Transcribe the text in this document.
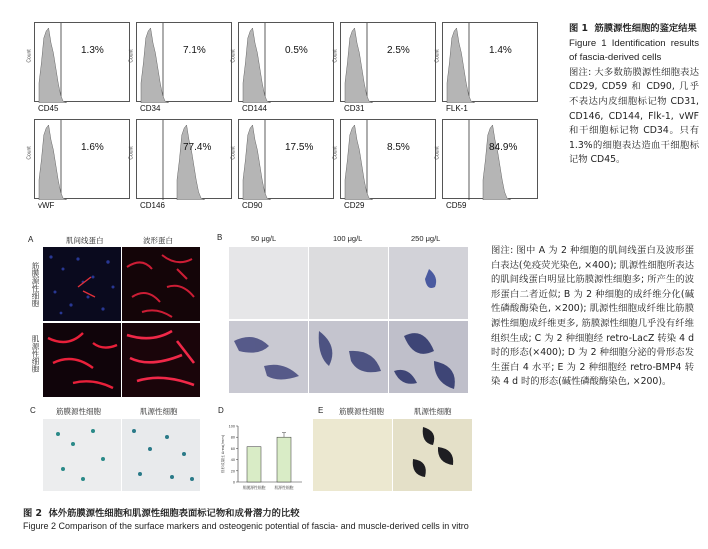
1.3%
Count
CD45
7.1%
Count
CD34
0.5%
Count
CD144
2.5%
Count
CD31
1.4%
Count
FLK-1
1.6%
Count
vWF
77.4%
Count
CD146
17.5%
Count
CD90
8.5%
Count
CD29
84.9%
Count
CD59
图 1 筋膜源性细胞的鉴定结果
Figure 1 Identification results of fascia-derived cells
图注: 大多数筋膜源性细胞表达 CD29, CD59 和 CD90, 几乎不表达内皮细胞标记物 CD31, CD146, CD144, Flk-1, vWF 和干细胞标记物 CD34。只有 1.3%的细胞表达造血干细胞标记物 CD45。
A	肌间线蛋白	波形蛋白
筋膜源性细胞
肌源性细胞
B	50 μg/L	100 μg/L	250 μg/L
图注: 图中 A 为 2 种细胞的肌间线蛋白及波形蛋白表达(免疫荧光染色, ×400); 肌源性细胞所表达的肌间线蛋白明显比筋膜源性细胞多; 所产生的波形蛋白二者近似; B 为 2 种细胞的成纤维分化(碱性磷酸酶染色, ×200); 肌源性细胞成纤维比筋膜源性细胞成纤维更多, 筋膜源性细胞几乎没有纤维组织生成; C 为 2 种细胞经 retro-LacZ 转染 4 d 时的形态(×400); D 为 2 种细胞分泌的骨形态发生蛋白 4 水平; E 为 2 种细胞经 retro-BMP4 转染 4 d 时的形态(碱性磷酸酶染色, ×200)。
C	筋膜源性细胞	肌源性细胞	D
0
20
40
60
80
100
骨形成量比 Area(/mm)
肌膜源性细胞 肌源性细胞
E 筋膜源性细胞	肌源性细胞
图 2 体外筋膜源性细胞和肌源性细胞表面标记物和成骨潜力的比较
Figure 2 Comparison of the surface markers and osteogenic potential of fascia- and muscle-derived cells in vitro
